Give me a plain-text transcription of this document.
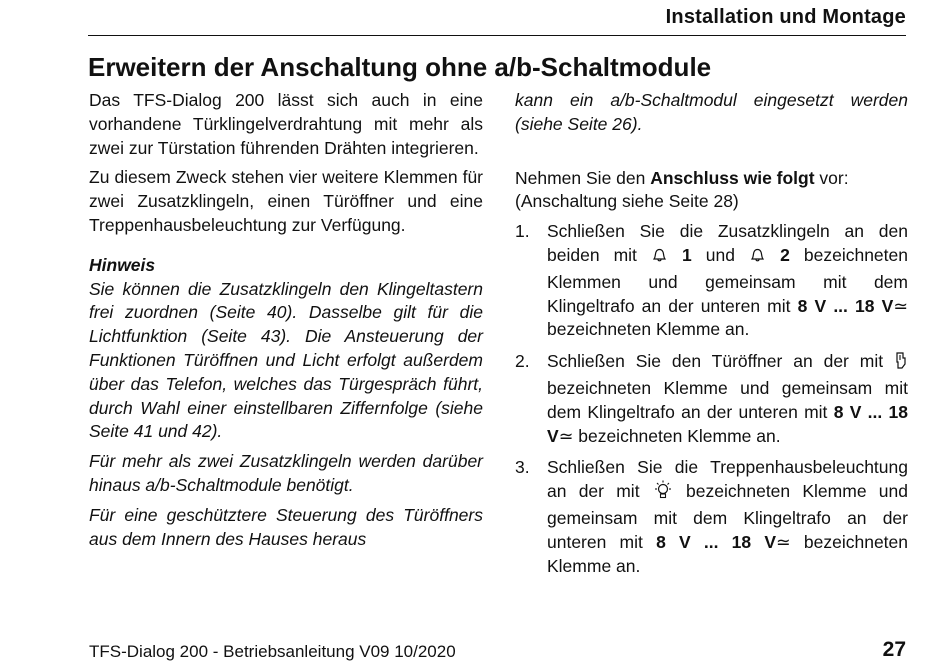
Installation und Montage
Erweitern der Anschaltung ohne a/b-Schaltmodule

Das TFS-Dialog 200 lässt sich auch in eine vorhandene Türklingelverdrahtung mit mehr als zwei zur Türstation führenden Drähten integrieren.

Zu diesem Zweck stehen vier weitere Klemmen für zwei Zusatzklingeln, einen Türöffner und eine Treppenhausbeleuchtung zur Verfügung.

Hinweis

Sie können die Zusatzklingeln den Klingeltastern frei zuordnen (Seite 40). Dasselbe gilt für die Lichtfunktion (Seite 43). Die Ansteuerung der Funktionen Türöffnen und Licht erfolgt außerdem über das Telefon, welches das Türgespräch führt, durch Wahl einer einstellbaren Ziffernfolge (siehe Seite 41 und 42).

Für mehr als zwei Zusatzklingeln werden darüber hinaus a/b-Schaltmodule benötigt.

Für eine geschütztere Steuerung des Türöffners aus dem Innern des Hauses heraus

kann ein a/b-Schaltmodul eingesetzt werden (siehe Seite 26).

Nehmen Sie den Anschluss wie folgt vor:

(Anschaltung siehe Seite 28)

1. Schließen Sie die Zusatzklingeln an den beiden mit	1 und	2 bezeichneten Klemmen und gemeinsam mit dem Klingeltrafo an der unteren mit 8 V ... 18 V≃ bezeichneten Klemme an.
2. Schließen Sie den Türöffner an der mit  bezeichneten Klemme und gemeinsam mit dem Klingeltrafo an der unteren mit 8 V ... 18 V≃ bezeichneten Klemme an.
3. Schließen Sie die Treppenhausbeleuchtung an der mit	bezeichneten Klemme und gemeinsam mit dem Klingeltrafo an der unteren mit 8 V ... 18 V≃ bezeichneten Klemme an.
TFS-Dialog 200 - Betriebsanleitung V09 10/2020	27
